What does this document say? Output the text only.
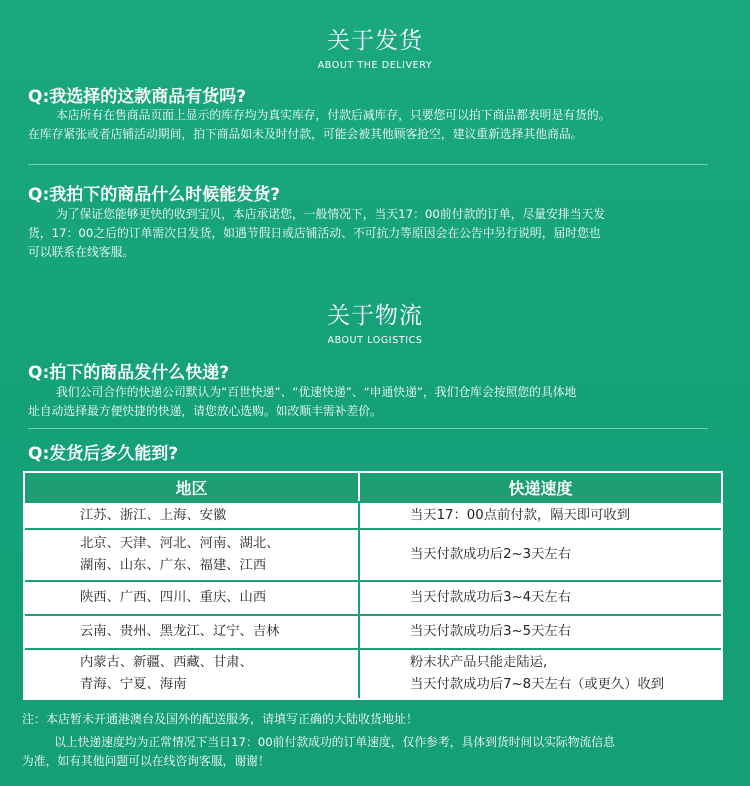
关于发货
ABOUT THE DELIVERY
Q:我选择的这款商品有货吗?
本店所有在售商品页面上显示的库存均为真实库存，付款后减库存，只要您可以拍下商品都表明是有货的。
在库存紧张或者店铺活动期间，拍下商品如未及时付款，可能会被其他顾客抢空，建议重新选择其他商品。
Q:我拍下的商品什么时候能发货?
为了保证您能够更快的收到宝贝，本店承诺您，一般情况下，当天17：00前付款的订单，尽量安排当天发
货，17：00之后的订单需次日发货，如遇节假日或店铺活动、不可抗力等原因会在公告中另行说明，届时您也
可以联系在线客服。
关于物流
ABOUT LOGISTICS
Q:拍下的商品发什么快递?
我们公司合作的快递公司默认为“百世快递”、“优速快递”、“申通快递”，我们仓库会按照您的具体地
址自动选择最方便快捷的快递，请您放心选购。如改顺丰需补差价。
Q:发货后多久能到?
地区	快递速度

江苏、浙江、上海、安徽	当天17：00点前付款，隔天即可收到

北京、天津、河北、河南、湖北、
湖南、山东、广东、福建、江西	当天付款成功后2~3天左右

陕西、广西、四川、重庆、山西	当天付款成功后3~4天左右

云南、贵州、黑龙江、辽宁、吉林	当天付款成功后3~5天左右

内蒙古、新疆、西藏、甘肃、
青海、宁夏、海南	粉末状产品只能走陆运,
当天付款成功后7~8天左右（或更久）收到
注：本店暂未开通港澳台及国外的配送服务，请填写正确的大陆收货地址！
以上快递速度均为正常情况下当日17：00前付款成功的订单速度，仅作参考，具体到货时间以实际物流信息
为准，如有其他问题可以在线咨询客服，谢谢！
